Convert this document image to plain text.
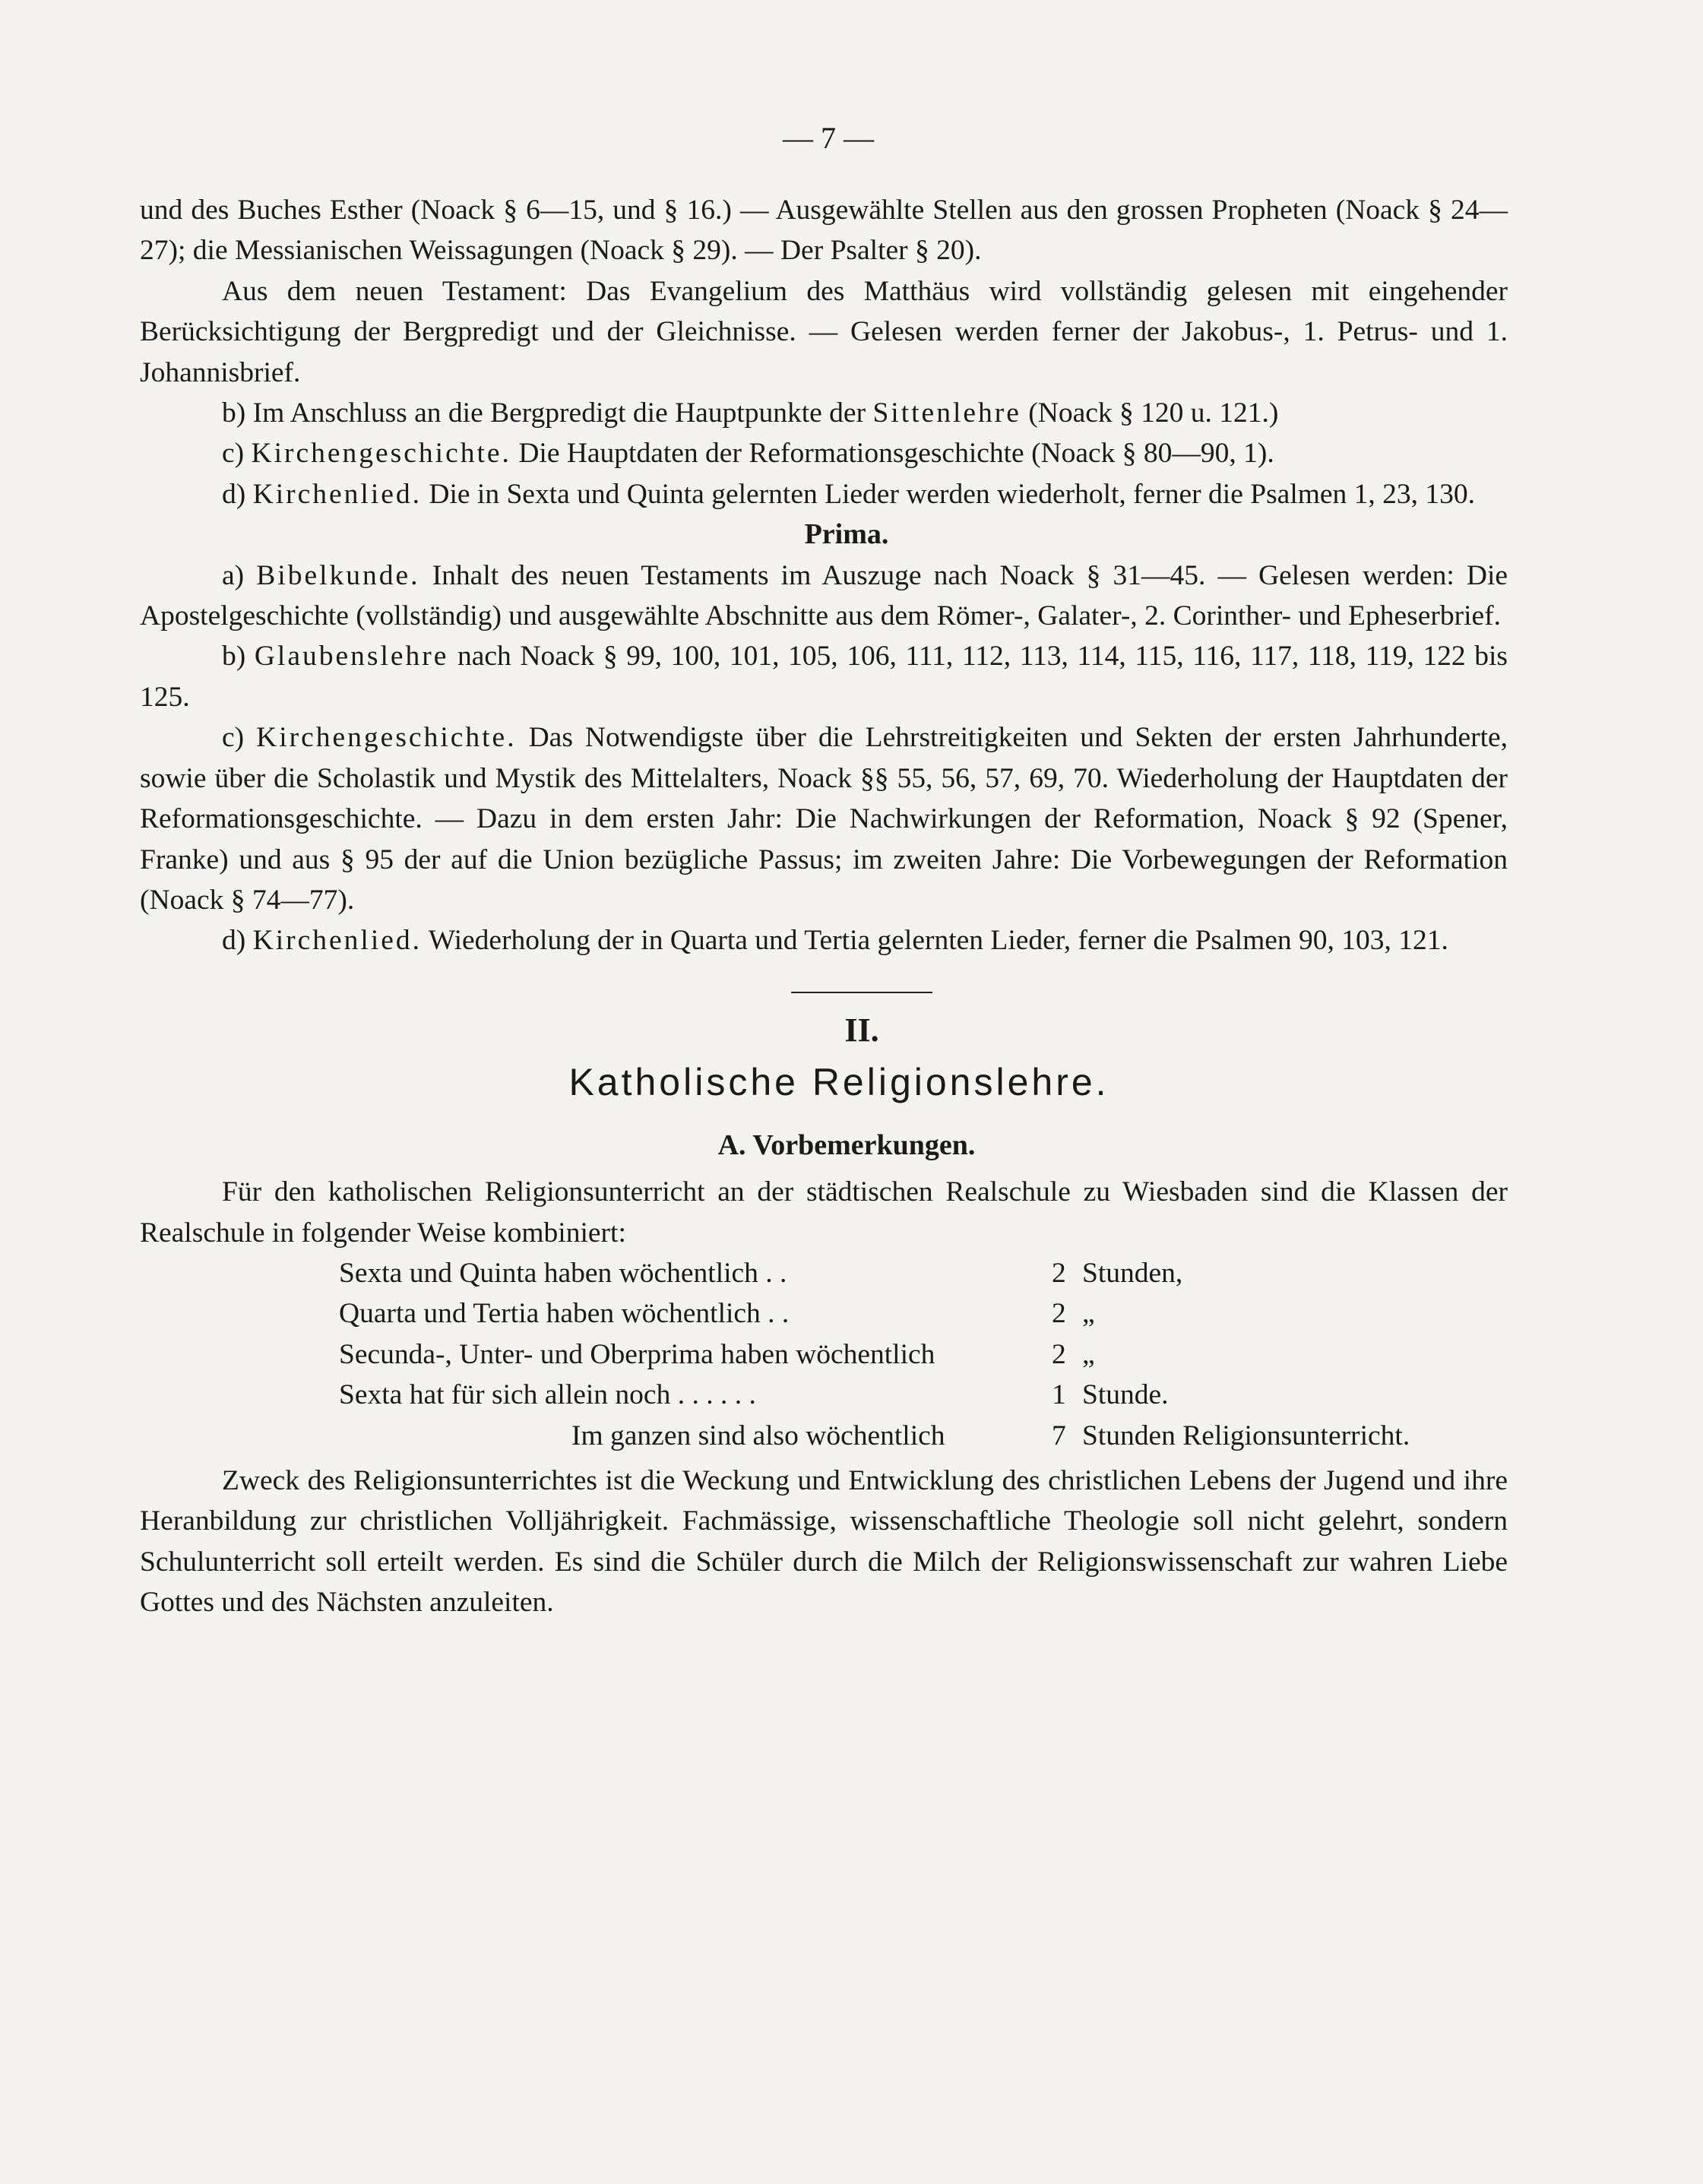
— 7 —

und des Buches Esther (Noack § 6—15, und § 16.) — Ausgewählte Stellen aus den grossen Propheten (Noack § 24—27); die Messianischen Weissagungen (Noack § 29). — Der Psalter § 20).

Aus dem neuen Testament: Das Evangelium des Matthäus wird vollständig gelesen mit eingehender Berücksichtigung der Bergpredigt und der Gleichnisse. — Gelesen werden ferner der Jakobus-, 1. Petrus- und 1. Johannisbrief.

b) Im Anschluss an die Bergpredigt die Hauptpunkte der Sittenlehre (Noack § 120 u. 121.)

c) Kirchengeschichte. Die Hauptdaten der Reformationsgeschichte (Noack § 80—90, 1).

d) Kirchenlied. Die in Sexta und Quinta gelernten Lieder werden wiederholt, ferner die Psalmen 1, 23, 130.

Prima.

a) Bibelkunde. Inhalt des neuen Testaments im Auszuge nach Noack § 31—45. — Gelesen werden: Die Apostelgeschichte (vollständig) und ausgewählte Abschnitte aus dem Römer-, Galater-, 2. Corinther- und Epheserbrief.

b) Glaubenslehre nach Noack § 99, 100, 101, 105, 106, 111, 112, 113, 114, 115, 116, 117, 118, 119, 122 bis 125.

c) Kirchengeschichte. Das Notwendigste über die Lehrstreitigkeiten und Sekten der ersten Jahrhunderte, sowie über die Scholastik und Mystik des Mittelalters, Noack §§ 55, 56, 57, 69, 70. Wiederholung der Hauptdaten der Reformationsgeschichte. — Dazu in dem ersten Jahr: Die Nachwirkungen der Reformation, Noack § 92 (Spener, Franke) und aus § 95 der auf die Union bezügliche Passus; im zweiten Jahre: Die Vorbewegungen der Reformation (Noack § 74—77).

d) Kirchenlied. Wiederholung der in Quarta und Tertia gelernten Lieder, ferner die Psalmen 90, 103, 121.

II.

Katholische Religionslehre.

A. Vorbemerkungen.

Für den katholischen Religionsunterricht an der städtischen Realschule zu Wiesbaden sind die Klassen der Realschule in folgender Weise kombiniert:

Sexta und Quinta haben wöchentlich . .	2 Stunden,
Quarta und Tertia haben wöchentlich . .	2 „
Secunda-, Unter- und Oberprima haben wöchentlich	2 „
Sexta hat für sich allein noch . . . . . .	1 Stunde.
Im ganzen sind also wöchentlich	7 Stunden Religionsunterricht.

Zweck des Religionsunterrichtes ist die Weckung und Entwicklung des christlichen Lebens der Jugend und ihre Heranbildung zur christlichen Volljährigkeit. Fachmässige, wissenschaftliche Theologie soll nicht gelehrt, sondern Schulunterricht soll erteilt werden. Es sind die Schüler durch die Milch der Religionswissenschaft zur wahren Liebe Gottes und des Nächsten anzuleiten.
